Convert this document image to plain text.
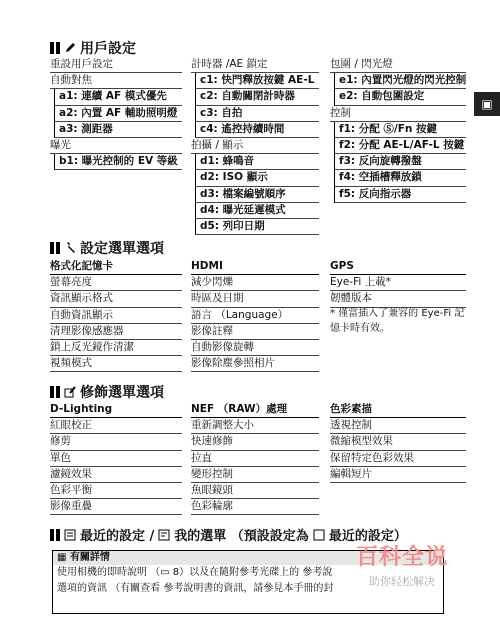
用戶設定
重設用戶設定
自動對焦
a1: 連續 AF 模式優先
a2: 內置 AF 輔助照明燈
a3: 測距器
曝光
b1: 曝光控制的 EV 等級
計時器 /AE 鎖定
c1: 快門釋放按鍵 AE-L
c2: 自動關閉計時器
c3: 自拍
c4: 遙控持續時間
拍攝 / 顯示
d1: 蜂鳴音
d2: ISO 顯示
d3: 檔案編號順序
d4: 曝光延遲模式
d5: 列印日期
包圍 / 閃光燈
e1: 內置閃光燈的閃光控制
e2: 自動包圍設定
控制
f1: 分配 Ⓢ/Fn 按鍵
f2: 分配 AE-L/AF-L 按鍵
f3: 反向旋轉撥盤
f4: 空插槽釋放鎖
f5: 反向指示器
▣
設定選單選項
格式化記憶卡
螢幕亮度
資訊顯示格式
自動資訊顯示
清理影像感應器
鎖上反光鏡作清潔
視頻模式
HDMI
減少閃爍
時區及日期
語言 （Language）
影像註釋
自動影像旋轉
影像除塵參照相片
GPS
Eye-Fi 上載*
韌體版本
* 僅當插入了兼容的 Eye-Fi 記憶卡時有效。
修飾選單選項
D-Lighting
紅眼校正
修剪
單色
濾鏡效果
色彩平衡
影像重疊
NEF （RAW）處理
重新調整大小
快速修飾
拉直
變形控制
魚眼鏡頭
色彩輪廓
色彩素描
透視控制
微縮模型效果
保留特定色彩效果
編輯短片
最近的設定 / 我的選單 （預設設定為 最近的設定）
▦ 有關詳情
使用相機的即時說明 （▭ 8）以及在隨附參考光碟上的 參考說
選項的資訊 （有關查看 參考說明書的資訊，請參見本手冊的封
百科全说
助你轻松解决
